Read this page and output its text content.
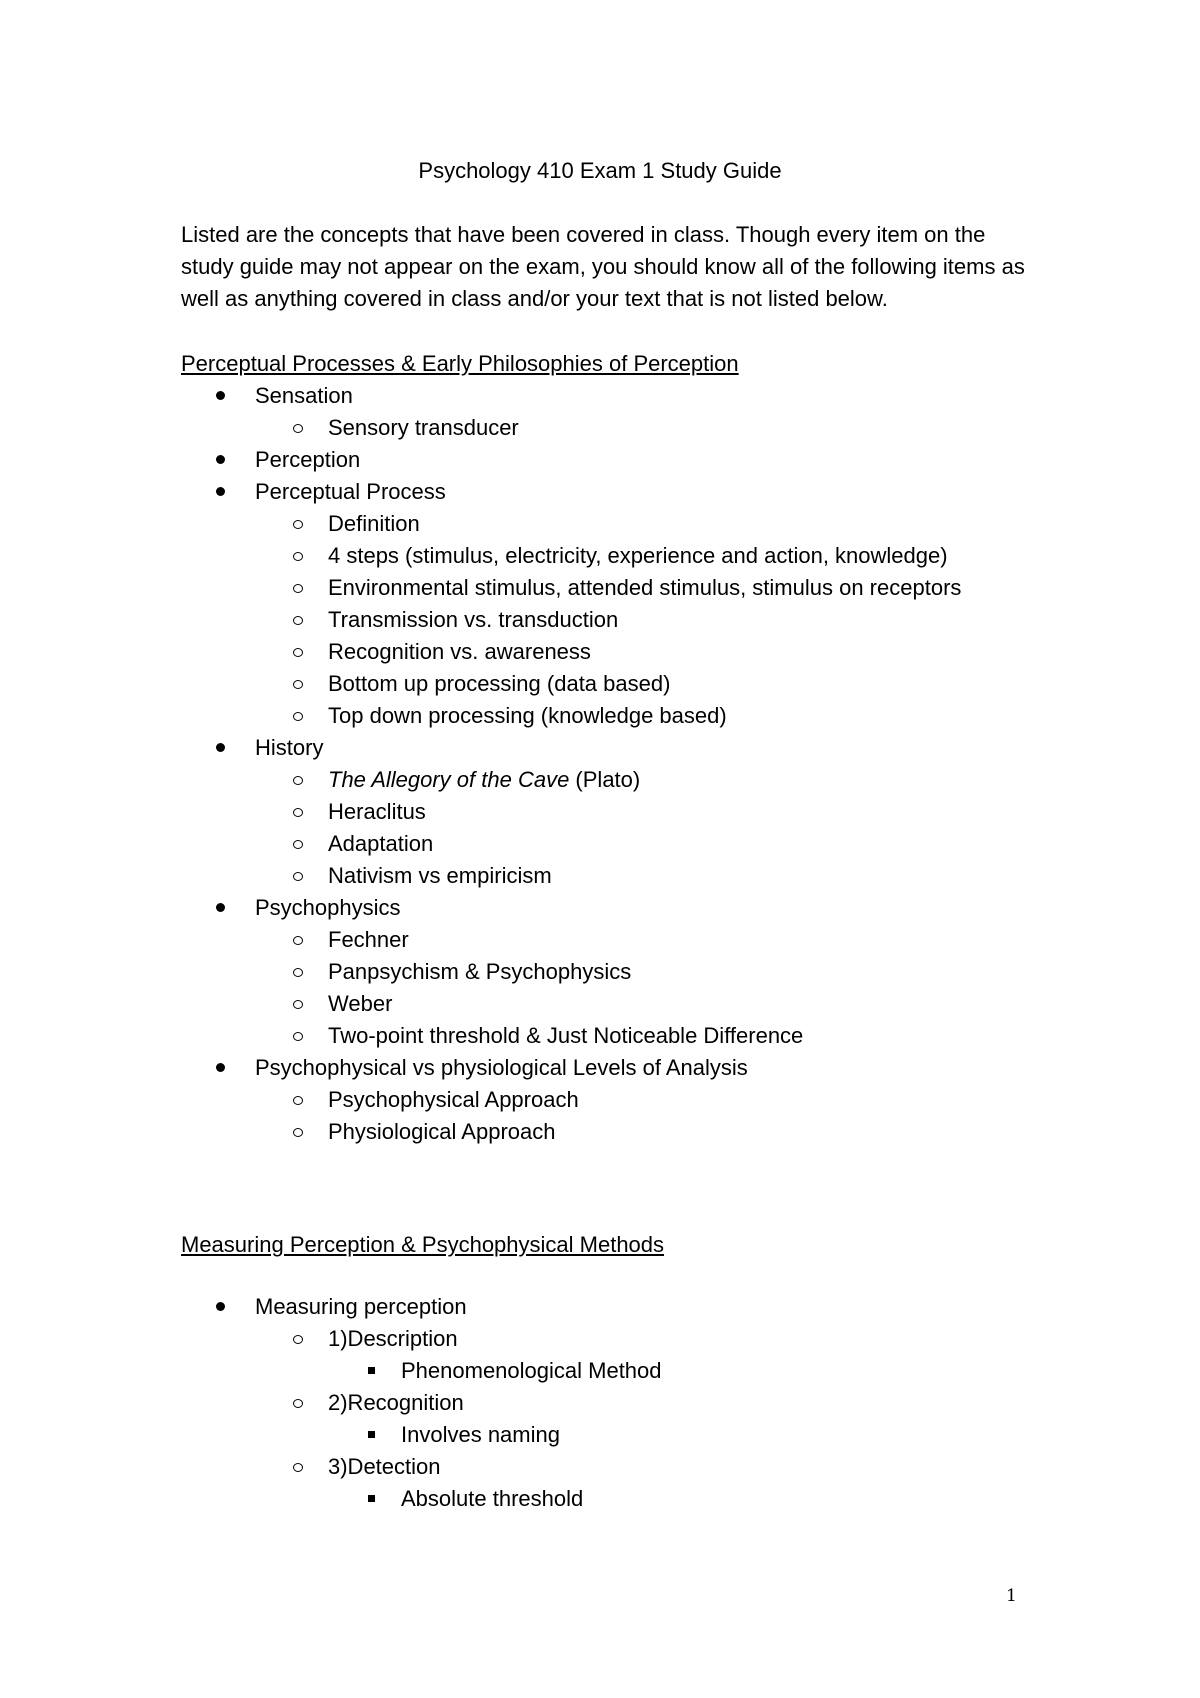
Psychology 410 Exam 1 Study Guide

Listed are the concepts that have been covered in class. Though every item on the study guide may not appear on the exam, you should know all of the following items as well as anything covered in class and/or your text that is not listed below.

Perceptual Processes & Early Philosophies of Perception
Sensation
Sensory transducer
Perception
Perceptual Process
Definition
4 steps (stimulus, electricity, experience and action, knowledge)
Environmental stimulus, attended stimulus, stimulus on receptors
Transmission vs. transduction
Recognition vs. awareness
Bottom up processing (data based)
Top down processing (knowledge based)
History
The Allegory of the Cave (Plato)
Heraclitus
Adaptation
Nativism vs empiricism
Psychophysics
Fechner
Panpsychism & Psychophysics
Weber
Two-point threshold & Just Noticeable Difference
Psychophysical vs physiological Levels of Analysis
Psychophysical Approach
Physiological Approach
Measuring Perception & Psychophysical Methods
Measuring perception
1)Description
Phenomenological Method
2)Recognition
Involves naming
3)Detection
Absolute threshold
1
